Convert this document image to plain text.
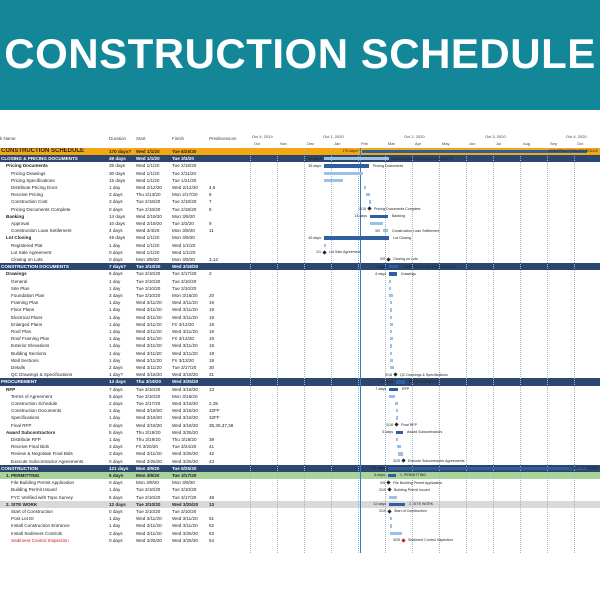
CONSTRUCTION SCHEDULE
k Name	Duration Start	Finish	Predecessors	Oct 4, 2019	Oct 1, 2020	Oct 2, 2020	Oct 3, 2020	Oct 4, 2020
Oct	Nov	Dec	Jan	Feb	Mar	Apr	May	Jun	Jul	Aug	Sep	Oct
CONSTRUCTION SCHEDULE	170 days?	Wed 1/1/20	Tue 8/25/20
CLOSING & PRICING DOCUMENTS	49 days	Wed 1/1/20	Tue 3/3/20
Pricing Documents	35 days	Wed 1/1/20	Tue 2/18/20
Pricing Drawings	30 days	Wed 1/1/20	Tue 2/11/20
Pricing Specifications	15 days	Wed 1/1/20	Tue 1/21/20
Distribute Pricing Docs	1 day	Wed 2/12/20	Wed 2/12/20	4,5
Receive Pricing	3 days	Thu 2/13/20	Mon 2/17/20	6
Construction Cost	3 days	Tue 2/18/20	Tue 2/18/20	7
Pricing Documents Complete	0 days	Tue 2/18/20	Tue 2/18/20	8
Banking	14 days	Wed 2/19/20	Mon 3/9/20
Approval	10 days	Wed 2/19/20	Tue 3/3/20	9
Construction Loan Settlement	4 days	Wed 3/4/20	Mon 3/9/20	11
Lot Closing	49 days	Wed 1/1/20	Mon 3/9/20
Registered Plat	1 day	Wed 1/1/20	Wed 1/1/20
Lot Sale Agreement	0 days	Wed 1/1/20	Wed 1/1/20
Closing on Lots	0 days	Mon 3/9/20	Mon 3/9/20	3,12
CONSTRUCTION DOCUMENTS	7 days?	Tue 3/10/20	Wed 3/18/20
Drawings	6 days	Tue 3/10/20	Tue 3/17/20	2
General	1 day	Tue 3/10/20	Tue 3/10/20
Site Plan	1 day	Tue 3/10/20	Tue 3/10/20
Foundation Plan	3 days	Tue 3/10/20	Mon 3/16/20	20
Framing Plan	1 day	Wed 3/11/20	Wed 3/11/20	19
Floor Plans	1 day	Wed 3/11/20	Wed 3/11/20	19
Electrical Plans	1 day	Wed 3/11/20	Wed 3/11/20	19
Enlarged Plans	1 day	Wed 3/11/20	Fri 3/13/20	19
Roof Plan	1 day	Wed 3/11/20	Wed 3/11/20	19
Roof Framing Plan	1 day	Wed 3/11/20	Fri 3/13/20	19
Exterior Elevations	1 day	Wed 3/11/20	Wed 3/11/20	19
Building Sections	1 day	Wed 3/11/20	Wed 3/11/20	19
Wall Sections	1 day	Wed 3/11/20	Fri 3/13/20	19
Details	2 days	Wed 3/11/20	Tue 3/17/20	30
QC Drawings & Specifications	1 day?	Wed 3/18/20	Wed 3/18/20	31
PROCUREMENT	13 days	Thu 3/19/20	Wed 3/25/20
RFP	7 days	Tue 3/10/20	Wed 3/18/20	13
Terms of Agreement	5 days	Tue 3/10/20	Mon 3/16/20
Construction Schedule	2 days	Tue 3/17/20	Wed 3/18/20	2,35
Construction Documents	1 day	Wed 3/18/20	Wed 3/18/20	32FF
Specifications	1 day	Wed 3/18/20	Wed 3/18/20	32FF
Final RFP	0 days	Wed 3/18/20	Wed 3/18/20	35,36,37,38
Award Subcontractors	5 days	Thu 3/19/20	Wed 3/25/20
Distribute RFP	1 day	Thu 3/19/20	Thu 3/19/20	39
Receive Final Bids	3 days	Fri 3/20/20	Tue 3/24/20	41
Review & Negotiate Final Bids	3 days	Wed 3/11/20	Wed 3/25/20	42
Execute Subcontractor Agreements	0 days	Wed 3/25/20	Wed 3/25/20	43
CONSTRUCTION	121 days	Mon 3/9/20	Tue 8/25/20
1. PERMITTING	6 days	Mon 3/9/20	Tue 3/17/20
File Building Permit Application	0 days	Mon 3/9/20	Mon 3/9/20
Building Permit Issued	1 day	Tue 3/10/20	Tue 3/10/20
FYC Verified with Topo Survey	5 days	Tue 3/10/20	Tue 3/17/20	48
2. SITE WORK	12 days	Tue 3/10/20	Wed 3/25/20	13
Start of Construction	0 days	Tue 3/10/20	Tue 3/10/20
Post Lot ID	1 day	Wed 3/11/20	Wed 3/11/20	51
Install Construction Entrance	1 day	Wed 3/11/20	Wed 3/11/20	52
Install Sediment Controls	3 days	Wed 3/11/20	Wed 3/25/20	53
Sediment Control Inspection	0 days	Wed 3/25/20	Wed 3/25/20	54
170 days?	CONSTRUCTION SCHEDULE
49 days	CLOSING & PRICING DOCUMENTS
35 days	Pricing Documents
2/18 Pricing Documents Complete
14 days	Banking
3/9	Construction Loan Settlement
49 days	Lot Closing
1/1 Lot Sale Agreement
3/9 Closing on Lots
7 days	CONSTRUCTION DOCUMENTS
6 days	Drawings
3/18 QC Drawings & Specifications
13 days	PROCUREMENT
7 days	RFP
3/18 Final RFP
5 days	Award Subcontractors
3/25 Execute Subcontractor Agreements
121 days	CONSTRUCTION
6 days	1. PERMITTING
3/9 File Building Permit Application
3/10 Building Permit Issued
12 days	2. SITE WORK
3/10 Start of Construction
3/25 Sediment Control Inspection
